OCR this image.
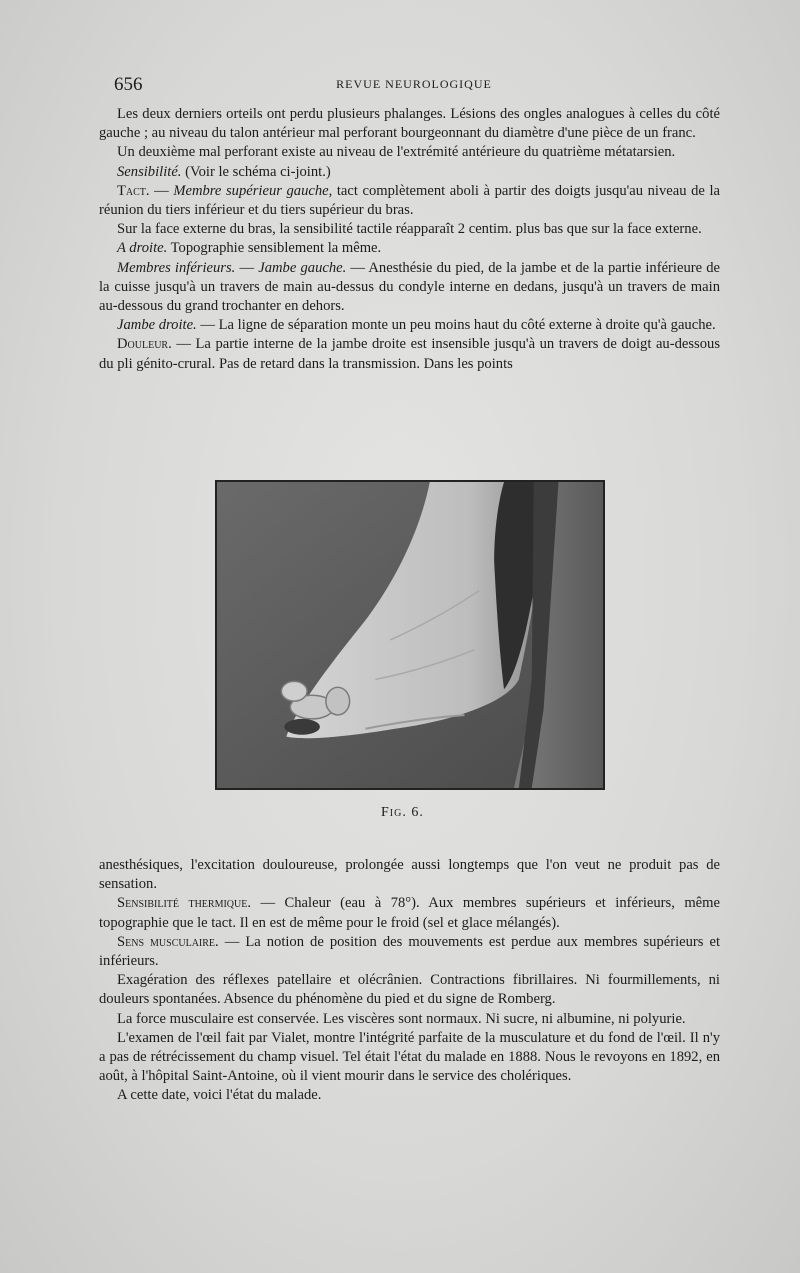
656	REVUE NEUROLOGIQUE

Les deux derniers orteils ont perdu plusieurs phalanges. Lésions des ongles analogues à celles du côté gauche ; au niveau du talon antérieur mal perforant bourgeonnant du diamètre d'une pièce de un franc.

Un deuxième mal perforant existe au niveau de l'extrémité antérieure du quatrième métatarsien.

Sensibilité. (Voir le schéma ci-joint.)

Tact. — Membre supérieur gauche, tact complètement aboli à partir des doigts jusqu'au niveau de la réunion du tiers inférieur et du tiers supérieur du bras.

Sur la face externe du bras, la sensibilité tactile réapparaît 2 centim. plus bas que sur la face externe.

A droite. Topographie sensiblement la même.

Membres inférieurs. — Jambe gauche. — Anesthésie du pied, de la jambe et de la partie inférieure de la cuisse jusqu'à un travers de main au-dessus du condyle interne en dedans, jusqu'à un travers de main au-dessous du grand trochanter en dehors.

Jambe droite. — La ligne de séparation monte un peu moins haut du côté externe à droite qu'à gauche.

Douleur. — La partie interne de la jambe droite est insensible jusqu'à un travers de doigt au-dessous du pli génito-crural. Pas de retard dans la transmission. Dans les points

Fig. 6.

anesthésiques, l'excitation douloureuse, prolongée aussi longtemps que l'on veut ne produit pas de sensation.

Sensibilité thermique. — Chaleur (eau à 78°). Aux membres supérieurs et inférieurs, même topographie que le tact. Il en est de même pour le froid (sel et glace mélangés).

Sens musculaire. — La notion de position des mouvements est perdue aux membres supérieurs et inférieurs.

Exagération des réflexes patellaire et olécrânien. Contractions fibrillaires. Ni fourmillements, ni douleurs spontanées. Absence du phénomène du pied et du signe de Romberg.

La force musculaire est conservée. Les viscères sont normaux. Ni sucre, ni albumine, ni polyurie.

L'examen de l'œil fait par Vialet, montre l'intégrité parfaite de la musculature et du fond de l'œil. Il n'y a pas de rétrécissement du champ visuel. Tel était l'état du malade en 1888. Nous le revoyons en 1892, en août, à l'hôpital Saint-Antoine, où il vient mourir dans le service des cholériques.

A cette date, voici l'état du malade.
